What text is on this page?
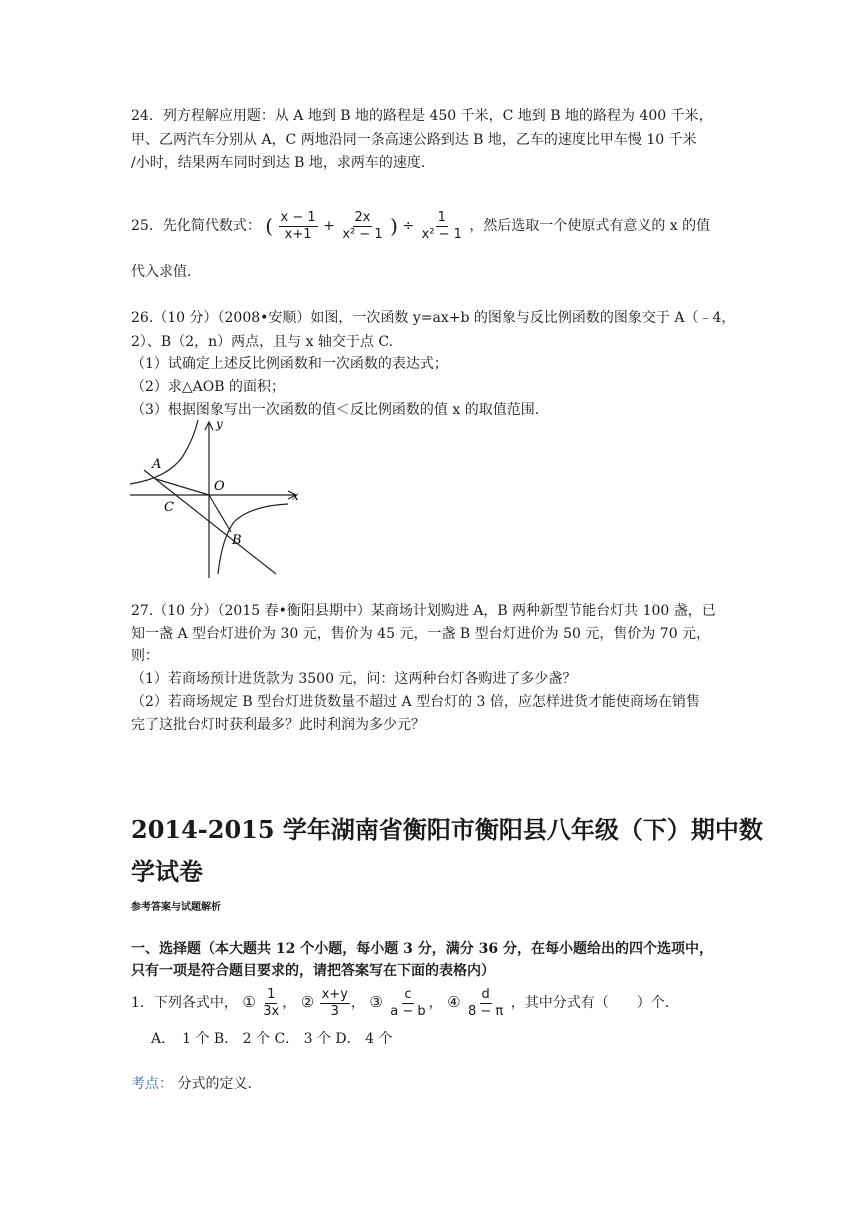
24．列方程解应用题：从 A 地到 B 地的路程是 450 千米，C 地到 B 地的路程为 400 千米，
甲、乙两汽车分别从 A，C 两地沿同一条高速公路到达 B 地，乙车的速度比甲车慢 10 千米
/小时，结果两车同时到达 B 地，求两车的速度.
25．先化简代数式： ( $\frac{x - 1}{x+1} + \frac{2x}{\text{x² − 1}}$ ) ÷ $\frac{1}{\text{x² − 1}}$ ，然后选取一个使原式有意义的 x 的值
代入求值.
26.（10 分）（2008•安顺）如图，一次函数 y=ax+b 的图象与反比例函数的图象交于 A（﹣4，
2）、B（2，n）两点，且与 x 轴交于点 C.
（1）试确定上述反比例函数和一次函数的表达式；
（2）求△AOB 的面积；
（3）根据图象写出一次函数的值＜反比例函数的值 x 的取值范围.
y
x
O
A
C
B
27.（10 分）（2015 春•衡阳县期中）某商场计划购进 A，B 两种新型节能台灯共 100 盏，已
知一盏 A 型台灯进价为 30 元，售价为 45 元，一盏 B 型台灯进价为 50 元，售价为 70 元，
则：
（1）若商场预计进货款为 3500 元，问：这两种台灯各购进了多少盏？
（2）若商场规定 B 型台灯进货数量不超过 A 型台灯的 3 倍，应怎样进货才能使商场在销售
完了这批台灯时获利最多？此时利润为多少元？
2014-2015 学年湖南省衡阳市衡阳县八年级（下）期中数
学试卷
参考答案与试题解析
一、选择题（本大题共 12 个小题，每小题 3 分，满分 36 分，在每小题给出的四个选项中，
只有一项是符合题目要求的，请把答案写在下面的表格内）
1．下列各式中， ① $\frac{1}{3x}$ ， ② $\frac{x+y}{3}$ ， ③ $\frac{c}{a - b}$ ， ④ $\frac{d}{8 - \pi}$ ，其中分式有（　　）个.
A．　1 个 B． 2 个 C． 3 个 D． 4 个
考点： 分式的定义.
